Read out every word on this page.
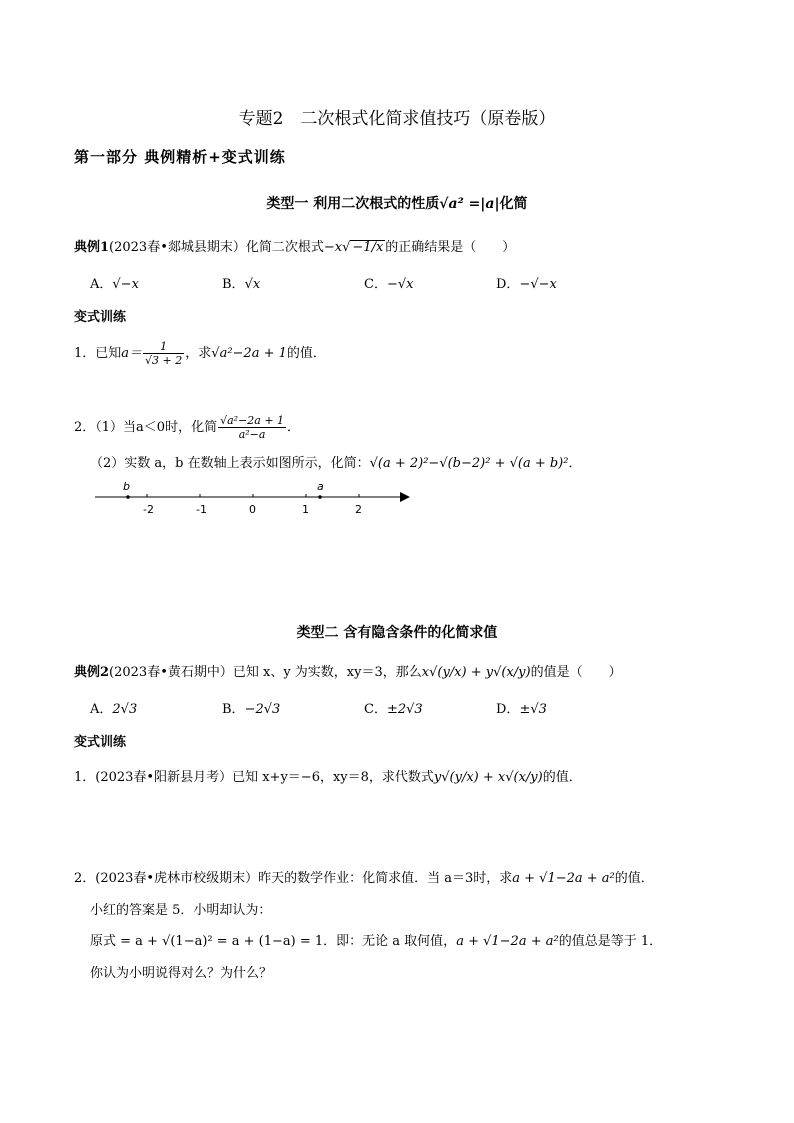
专题2　二次根式化简求值技巧（原卷版）
第一部分 典例精析+变式训练
类型一 利用二次根式的性质√a² =|a|化简
典例1(2023春•郯城县期末）化简二次根式−x√ −1/x 的正确结果是（　　）
A．√−x	B．√x	C．−√x	D．−√−x
变式训练
1．已知$a= \frac{1}{√3 + 2}$ ，求√a²−2a + 1的值．
2．（1）当a＜0时，化简 $\frac{\text{√a²−2a + 1}}{\text{a²−a}}$ ．
（2）实数 a，b 在数轴上表示如图所示，化简：√(a + 2)²−√(b−2)² + √(a + b)²．
-2	-1	0	1	2
b	a
类型二 含有隐含条件的化简求值
典例2(2023春•黄石期中）已知 x、y 为实数，xy＝3，那么x√(y/x) + y√(x/y)的值是（　　）
A．2√3	B．−2√3	C．±2√3	D．±√3
变式训练
1．(2023春•阳新县月考）已知 x+y＝−6，xy＝8，求代数式y√(y/x) + x√(x/y)的值．
2．(2023春•虎林市校级期末）昨天的数学作业：化简求值．当 a＝3时，求a + √1−2a + a²的值．
小红的答案是 5．小明却认为：
原式 = a + √(1−a)² = a + (1−a) = 1．即：无论 a 取何值，a + √1−2a + a²的值总是等于 1．
你认为小明说得对么？为什么？
